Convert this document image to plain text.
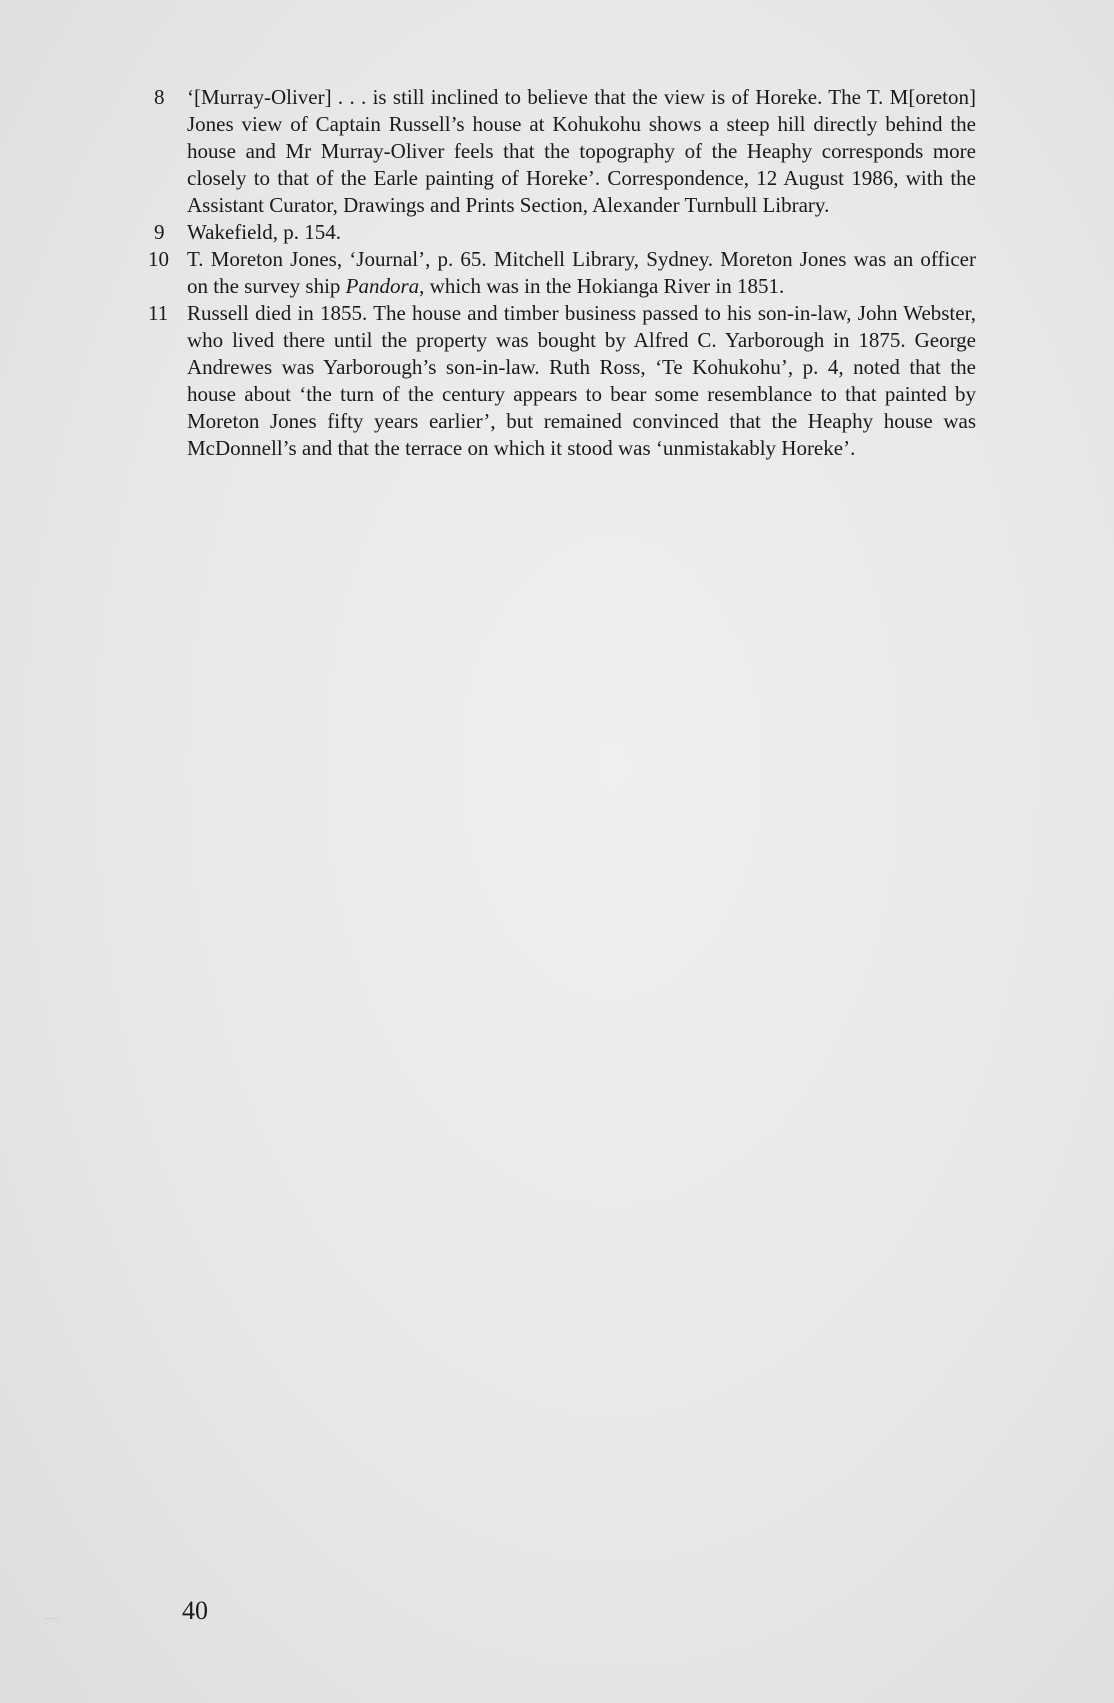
8	‘[Murray-Oliver] . . . is still inclined to believe that the view is of Horeke. The T. M[oreton] Jones view of Captain Russell’s house at Kohukohu shows a steep hill directly behind the house and Mr Murray-Oliver feels that the topography of the Heaphy corresponds more closely to that of the Earle painting of Horeke’. Correspondence, 12 August 1986, with the Assistant Curator, Drawings and Prints Section, Alexander Turnbull Library.

9	Wakefield, p. 154.

10 T. Moreton Jones, ‘Journal’, p. 65. Mitchell Library, Sydney. Moreton Jones was an officer on the survey ship Pandora, which was in the Hokianga River in 1851.

11 Russell died in 1855. The house and timber business passed to his son-in-law, John Webster, who lived there until the property was bought by Alfred C. Yarborough in 1875. George Andrewes was Yarborough’s son-in-law. Ruth Ross, ‘Te Kohukohu’, p. 4, noted that the house about ‘the turn of the century appears to bear some resemblance to that painted by Moreton Jones fifty years earlier’, but remained convinced that the Heaphy house was McDonnell’s and that the terrace on which it stood was ‘unmistakably Horeke’.

40
